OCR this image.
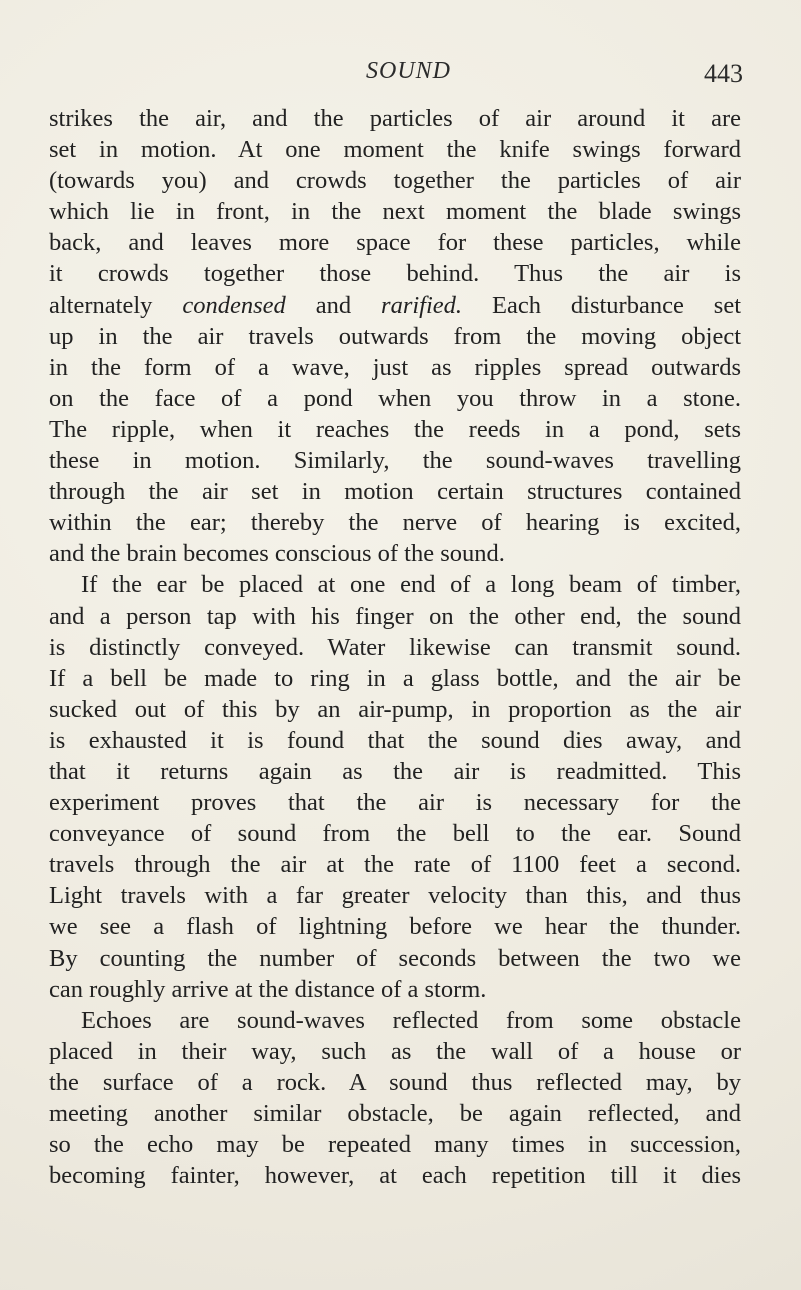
SOUND	443
strikes the air, and the particles of air around it are
set in motion. At one moment the knife swings forward
(towards you) and crowds together the particles of air
which lie in front, in the next moment the blade swings
back, and leaves more space for these particles, while
it crowds together those behind. Thus the air is
alternately condensed and rarified. Each disturbance set
up in the air travels outwards from the moving object
in the form of a wave, just as ripples spread outwards
on the face of a pond when you throw in a stone.
The ripple, when it reaches the reeds in a pond, sets
these in motion. Similarly, the sound-waves travelling
through the air set in motion certain structures contained
within the ear; thereby the nerve of hearing is excited,
and the brain becomes conscious of the sound.
If the ear be placed at one end of a long beam of timber,
and a person tap with his finger on the other end, the sound
is distinctly conveyed. Water likewise can transmit sound.
If a bell be made to ring in a glass bottle, and the air be
sucked out of this by an air-pump, in proportion as the air
is exhausted it is found that the sound dies away, and
that it returns again as the air is readmitted. This
experiment proves that the air is necessary for the
conveyance of sound from the bell to the ear. Sound
travels through the air at the rate of 1100 feet a second.
Light travels with a far greater velocity than this, and thus
we see a flash of lightning before we hear the thunder.
By counting the number of seconds between the two we
can roughly arrive at the distance of a storm.
Echoes are sound-waves reflected from some obstacle
placed in their way, such as the wall of a house or
the surface of a rock. A sound thus reflected may, by
meeting another similar obstacle, be again reflected, and
so the echo may be repeated many times in succession,
becoming fainter, however, at each repetition till it dies
